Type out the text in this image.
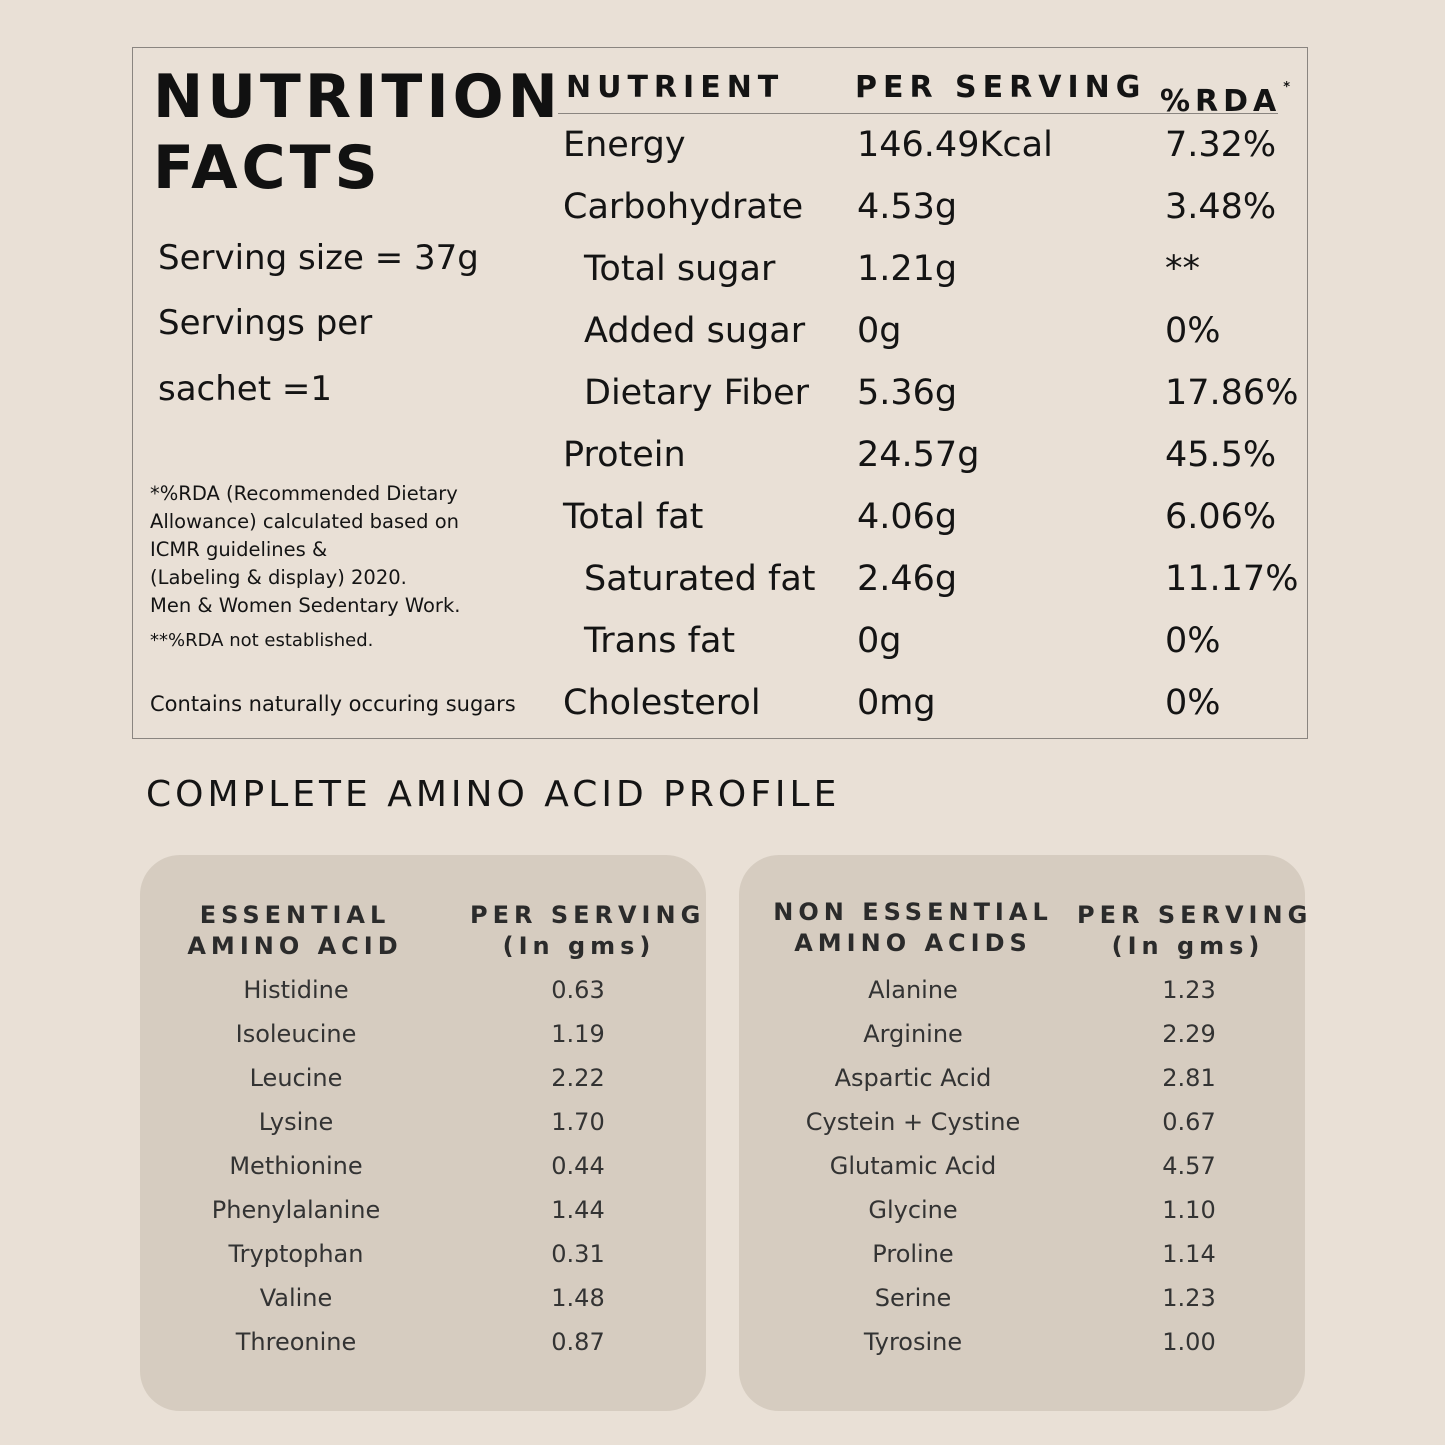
NUTRITION
FACTS
Serving size = 37g
Servings per
sachet =1
*%RDA (Recommended Dietary
Allowance) calculated based on
ICMR guidelines &
(Labeling & display) 2020.
Men & Women Sedentary Work.
**%RDA not established.
Contains naturally occuring sugars
NUTRIENT PER SERVING %RDA *
Energy	146.49Kcal	7.32%
Carbohydrate 4.53g	3.48%
Total sugar 1.21g	**
Added sugar 0g	0%
Dietary Fiber 5.36g	17.86%
Protein	24.57g	45.5%
Total fat	4.06g	6.06%
Saturated fat 2.46g	11.17%
Trans fat	0g	0%
Cholesterol	0mg	0%
COMPLETE AMINO ACID PROFILE
ESSENTIAL
AMINO ACID
PER SERVING
(In gms)
Histidine	0.63
Isoleucine	1.19
Leucine	2.22
Lysine	1.70
Methionine	0.44
Phenylalanine	1.44
Tryptophan	0.31
Valine	1.48
Threonine	0.87
NON ESSENTIAL
AMINO ACIDS
PER SERVING
(In gms)
Alanine	1.23
Arginine	2.29
Aspartic Acid	2.81
Cystein + Cystine	0.67
Glutamic Acid	4.57
Glycine	1.10
Proline	1.14
Serine	1.23
Tyrosine	1.00
